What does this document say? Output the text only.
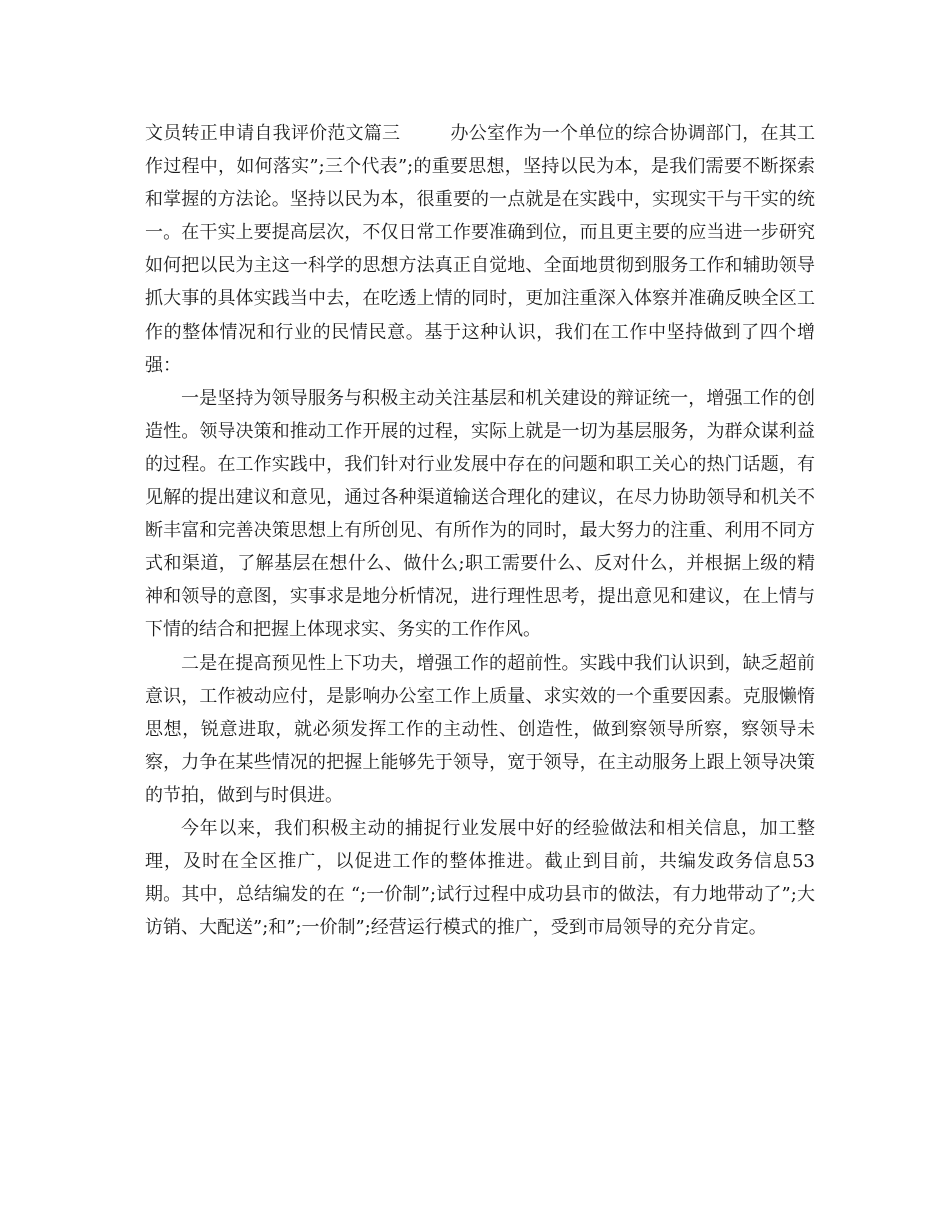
文员转正申请自我评价范文篇三	办公室作为一个单位的综合协调部门，在其工作过程中，如何落实”;三个代表”;的重要思想，坚持以民为本，是我们需要不断探索和掌握的方法论。坚持以民为本，很重要的一点就是在实践中，实现实干与干实的统一。在干实上要提高层次，不仅日常工作要准确到位，而且更主要的应当进一步研究如何把以民为主这一科学的思想方法真正自觉地、全面地贯彻到服务工作和辅助领导抓大事的具体实践当中去，在吃透上情的同时，更加注重深入体察并准确反映全区工作的整体情况和行业的民情民意。基于这种认识，我们在工作中坚持做到了四个增强：

一是坚持为领导服务与积极主动关注基层和机关建设的辩证统一，增强工作的创造性。领导决策和推动工作开展的过程，实际上就是一切为基层服务，为群众谋利益的过程。在工作实践中，我们针对行业发展中存在的问题和职工关心的热门话题，有见解的提出建议和意见，通过各种渠道输送合理化的建议，在尽力协助领导和机关不断丰富和完善决策思想上有所创见、有所作为的同时，最大努力的注重、利用不同方式和渠道，了解基层在想什么、做什么;职工需要什么、反对什么，并根据上级的精神和领导的意图，实事求是地分析情况，进行理性思考，提出意见和建议，在上情与下情的结合和把握上体现求实、务实的工作作风。

二是在提高预见性上下功夫，增强工作的超前性。实践中我们认识到，缺乏超前意识，工作被动应付，是影响办公室工作上质量、求实效的一个重要因素。克服懒惰思想，锐意进取，就必须发挥工作的主动性、创造性，做到察领导所察，察领导未察，力争在某些情况的把握上能够先于领导，宽于领导，在主动服务上跟上领导决策的节拍，做到与时俱进。

今年以来，我们积极主动的捕捉行业发展中好的经验做法和相关信息，加工整理，及时在全区推广，以促进工作的整体推进。截止到目前，共编发政务信息53期。其中，总结编发的在 “;一价制”;试行过程中成功县市的做法，有力地带动了”;大访销、大配送”;和”;一价制”;经营运行模式的推广，受到市局领导的充分肯定。
